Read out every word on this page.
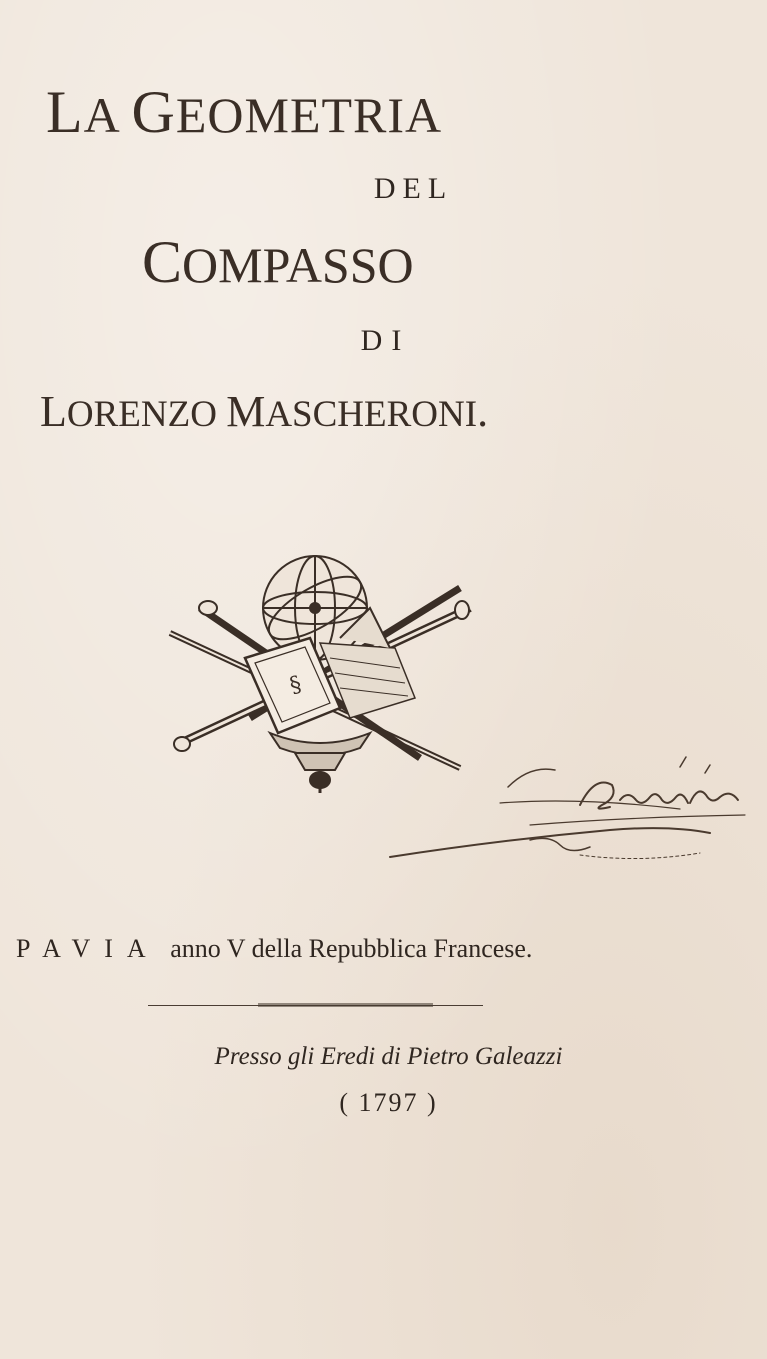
LA GEOMETRIA
DEL
COMPASSO
DI
LORENZO MASCHERONI.
§
PAVIA anno V della Repubblica Francese.
Presso gli Eredi di Pietro Galeazzi
( 1797 )
